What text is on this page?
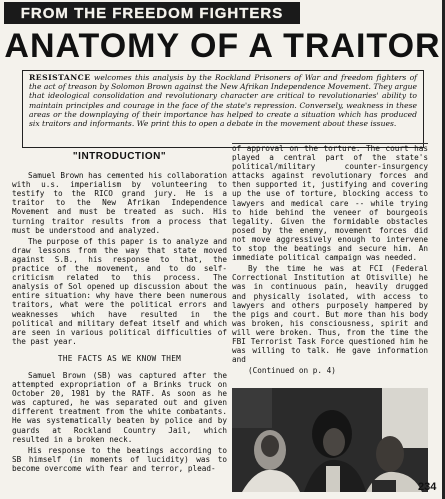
FROM THE FREEDOM FIGHTERS
ANATOMY OF A TRAITOR
RESISTANCE welcomes this analysis by the Rockland Prisoners of War and freedom fighters of the act of treason by Solomon Brown against the New Afrikan Independence Movement. They argue that ideological consolidation and revolutionary character are critical to revolutionaries' ability to maintain principles and courage in the face of the state's repression. Conversely, weakness in these areas or the downplaying of their importance has helped to create a situation which has produced six traitors and informants. We print this to open a debate in the movement about these issues.
"INTRODUCTION"

Samuel Brown has cemented his collaboration with u.s. imperialism by volunteering to testify to the RICO grand jury. He is a traitor to the New Afrikan Independence Movement and must be treated as such. His turning traitor results from a process that must be understood and analyzed.

The purpose of this paper is to analyze and draw lessons from the way that state moved against S.B., his response to that, the practice of the movement, and to do self-criticism related to this process. The analysis of Sol opened up discussion about the entire situation: why have there been numerous traitors, what were the political errors and weaknesses which have resulted in the political and military defeat itself and which are seen in various political difficulties of the past year.

THE FACTS AS WE KNOW THEM

Samuel Brown (SB) was captured after the attempted expropriation of a Brinks truck on October 20, 1981 by the RATF. As soon as he was captured, he was separated out and given different treatment from the white combatants. He was systematically beaten by police and by guards at Rockland Country Jail, which resulted in a broken neck.

His response to the beatings according to SB himself (in moments of lucidity) was to become overcome with fear and terror, plead-

of approval on the torture. The court has played a central part of the state's political/military counter-insurgency attacks against revolutionary forces and then supported it, justifying and covering up the use of torture, blocking access to lawyers and medical care -- while trying to hide behind the veneer of bourgeois legality. Given the formidable obstacles posed by the enemy, movement forces did not move aggressively enough to intervene to stop the beatings and secure him. An immediate political campaign was needed.

By the time he was at FCI (Federal Correctional Institution at Otisville) he was in continuous pain, heavily drugged and physically isolated, with access to lawyers and others purposely hampered by the pigs and court. But more than his body was broken, his consciousness, spirit and will were broken. Thus, from the time the FBI Terrorist Task Force questioned him he was willing to talk. He gave information and

(Continued on p. 4)

234
